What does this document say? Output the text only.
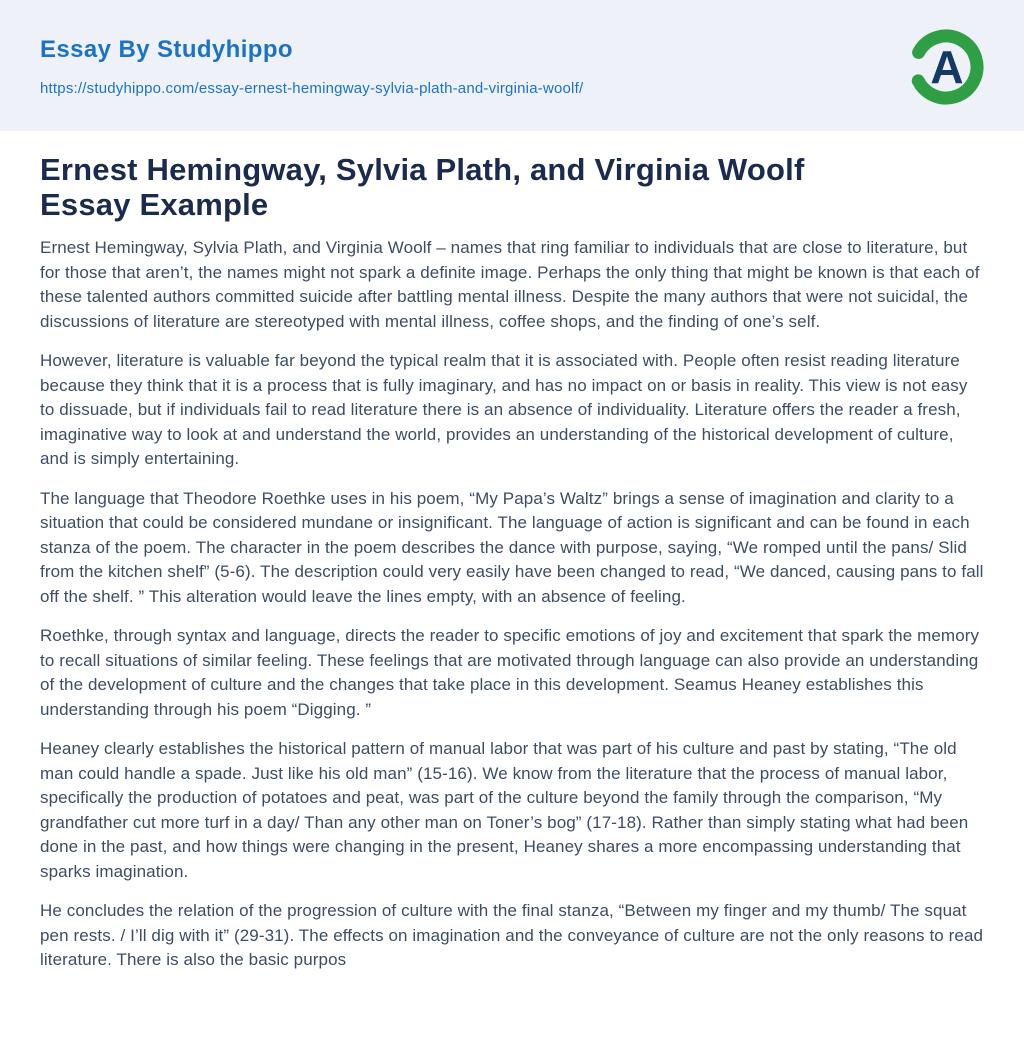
Essay By Studyhippo
https://studyhippo.com/essay-ernest-hemingway-sylvia-plath-and-virginia-woolf/	A
Ernest Hemingway, Sylvia Plath, and Virginia Woolf Essay Example

Ernest Hemingway, Sylvia Plath, and Virginia Woolf – names that ring familiar to individuals that are close to literature, but for those that aren’t, the names might not spark a definite image. Perhaps the only thing that might be known is that each of these talented authors committed suicide after battling mental illness. Despite the many authors that were not suicidal, the discussions of literature are stereotyped with mental illness, coffee shops, and the finding of one’s self.

However, literature is valuable far beyond the typical realm that it is associated with. People often resist reading literature because they think that it is a process that is fully imaginary, and has no impact on or basis in reality. This view is not easy to dissuade, but if individuals fail to read literature there is an absence of individuality. Literature offers the reader a fresh, imaginative way to look at and understand the world, provides an understanding of the historical development of culture, and is simply entertaining.

The language that Theodore Roethke uses in his poem, “My Papa’s Waltz” brings a sense of imagination and clarity to a situation that could be considered mundane or insignificant. The language of action is significant and can be found in each stanza of the poem. The character in the poem describes the dance with purpose, saying, “We romped until the pans/ Slid from the kitchen shelf” (5-6). The description could very easily have been changed to read, “We danced, causing pans to fall off the shelf. ” This alteration would leave the lines empty, with an absence of feeling.

Roethke, through syntax and language, directs the reader to specific emotions of joy and excitement that spark the memory to recall situations of similar feeling. These feelings that are motivated through language can also provide an understanding of the development of culture and the changes that take place in this development. Seamus Heaney establishes this understanding through his poem “Digging. ”

Heaney clearly establishes the historical pattern of manual labor that was part of his culture and past by stating, “The old man could handle a spade. Just like his old man” (15-16). We know from the literature that the process of manual labor, specifically the production of potatoes and peat, was part of the culture beyond the family through the comparison, “My grandfather cut more turf in a day/ Than any other man on Toner’s bog” (17-18). Rather than simply stating what had been done in the past, and how things were changing in the present, Heaney shares a more encompassing understanding that sparks imagination.

He concludes the relation of the progression of culture with the final stanza, “Between my finger and my thumb/ The squat pen rests. / I’ll dig with it” (29-31). The effects on imagination and the conveyance of culture are not the only reasons to read literature. There is also the basic purpos
